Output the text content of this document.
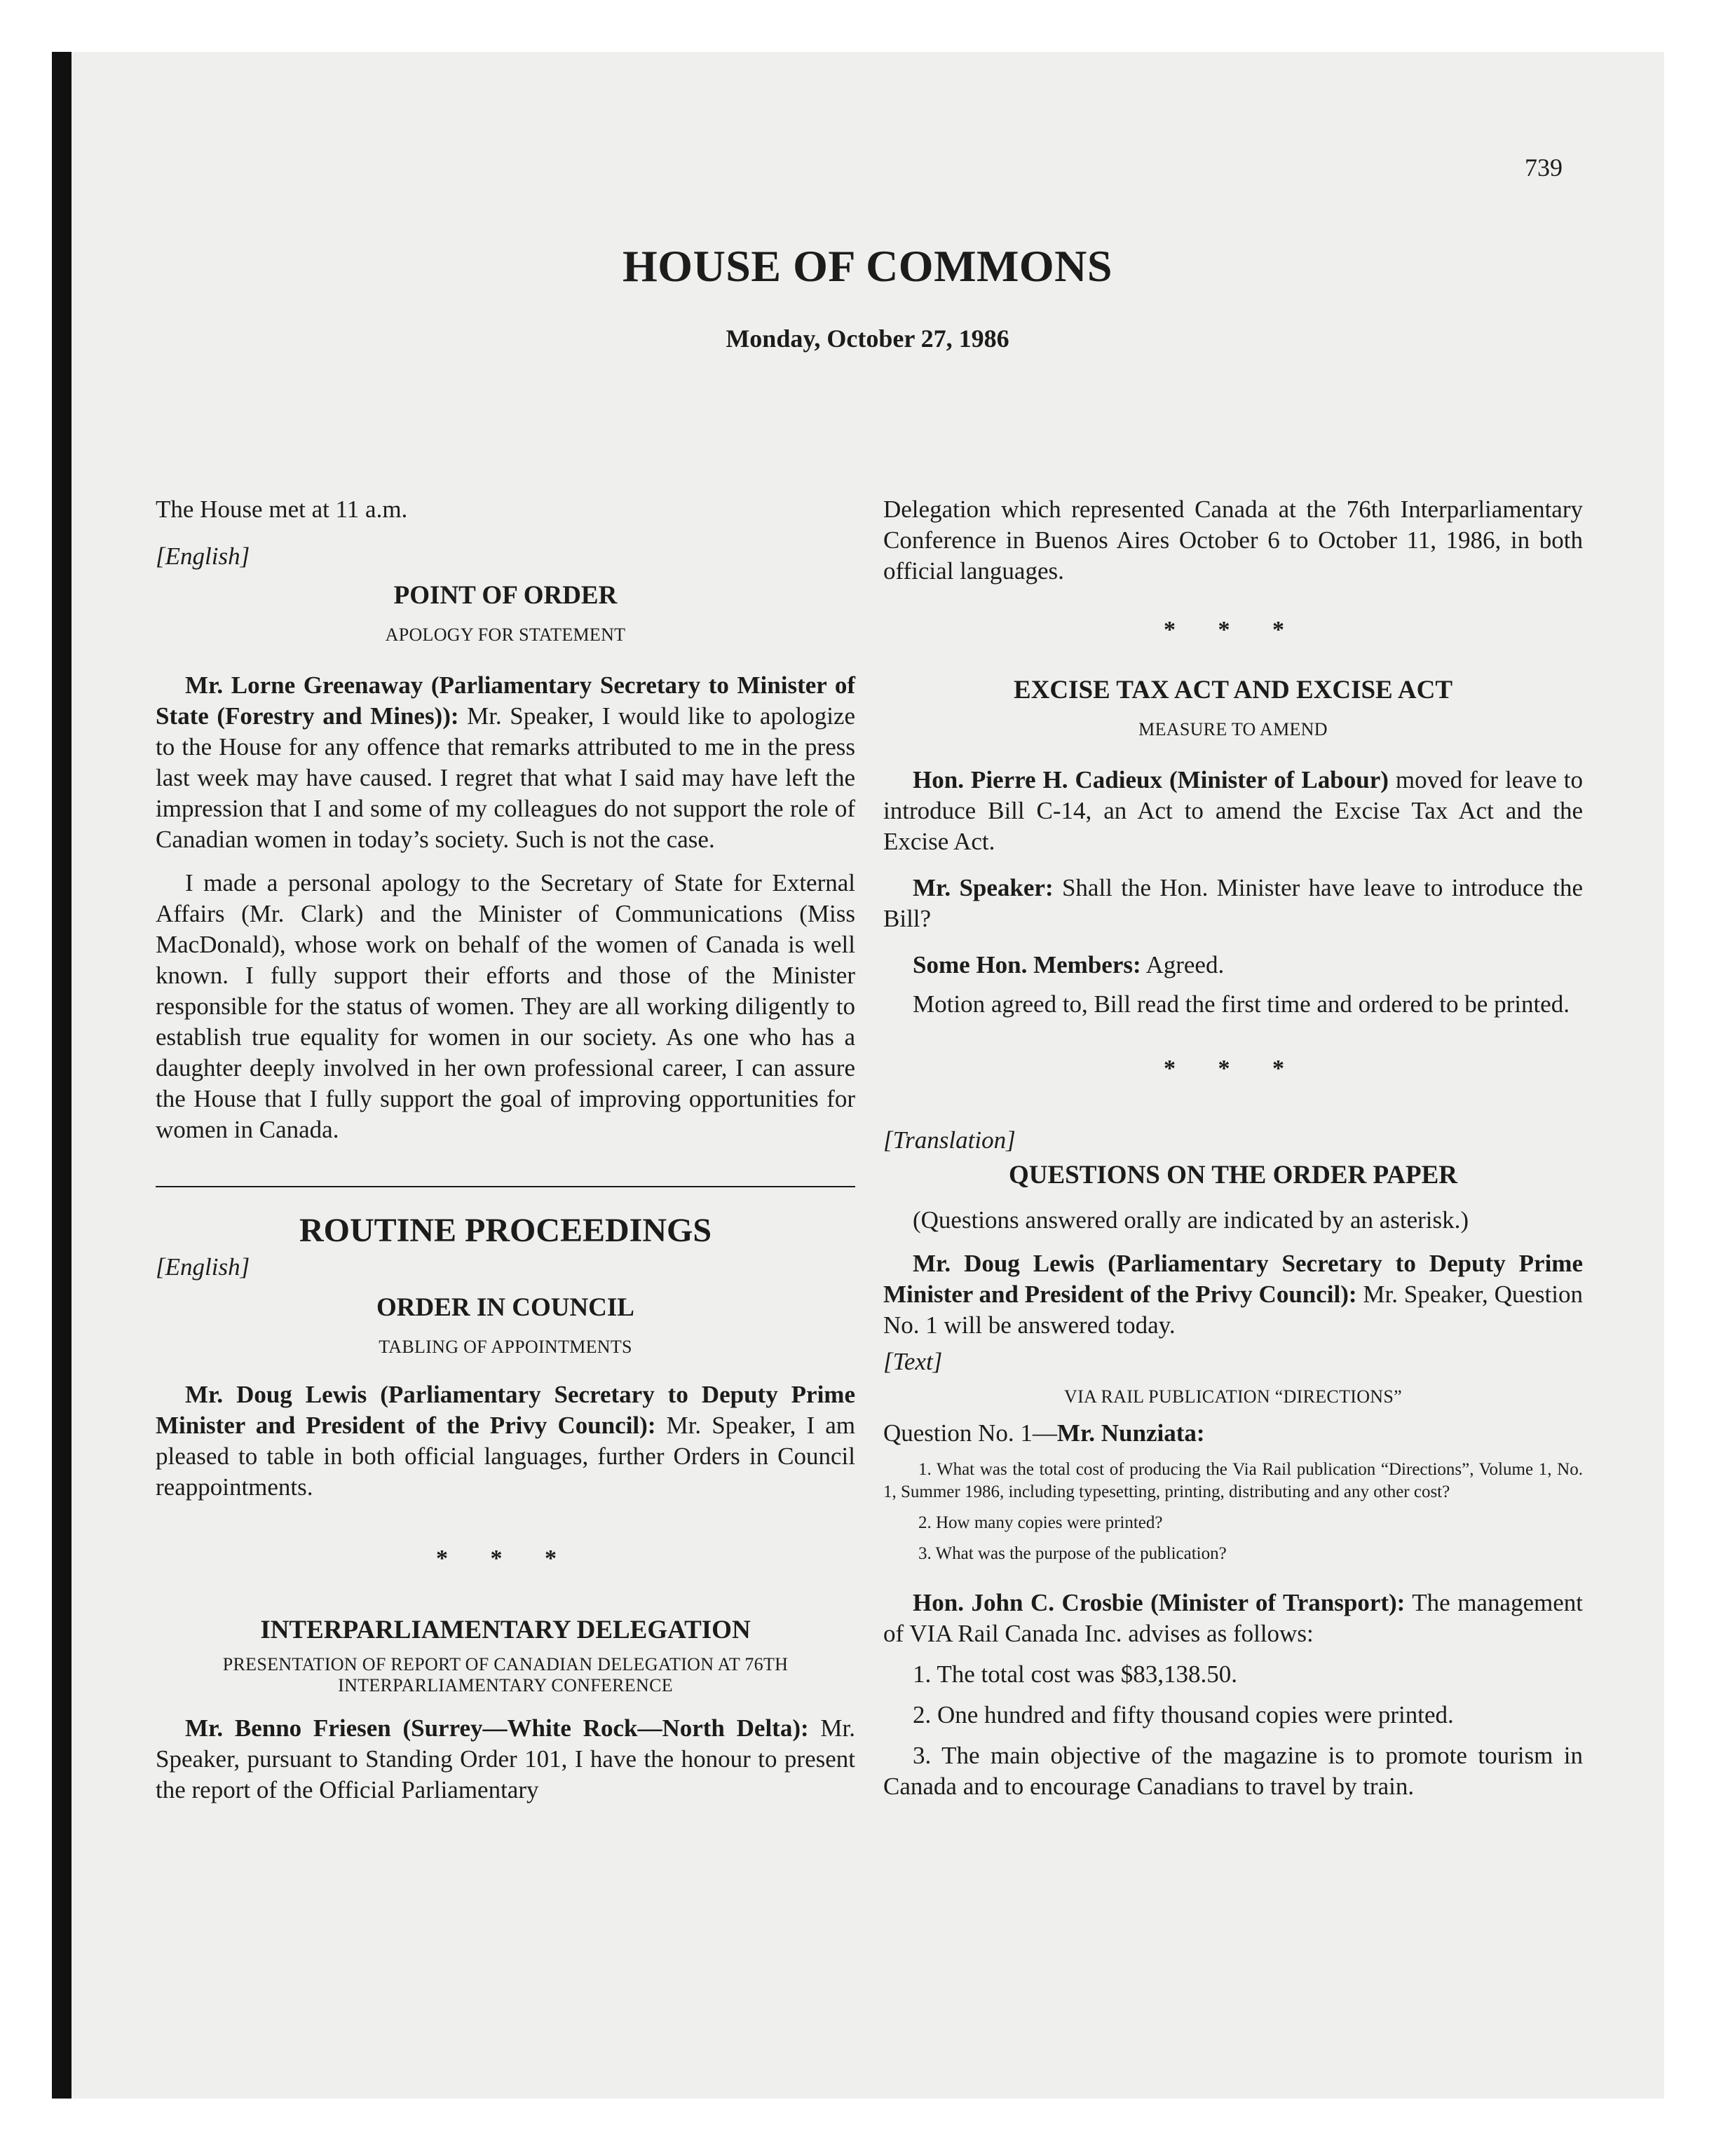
739
HOUSE OF COMMONS
Monday, October 27, 1986

The House met at 11 a.m.

[English]

POINT OF ORDER

APOLOGY FOR STATEMENT

Mr. Lorne Greenaway (Parliamentary Secretary to Minister of State (Forestry and Mines)): Mr. Speaker, I would like to apologize to the House for any offence that remarks attributed to me in the press last week may have caused. I regret that what I said may have left the impression that I and some of my colleagues do not support the role of Canadian women in today’s society. Such is not the case.

I made a personal apology to the Secretary of State for External Affairs (Mr. Clark) and the Minister of Communications (Miss MacDonald), whose work on behalf of the women of Canada is well known. I fully support their efforts and those of the Minister responsible for the status of women. They are all working diligently to establish true equality for women in our society. As one who has a daughter deeply involved in her own professional career, I can assure the House that I fully support the goal of improving opportunities for women in Canada.

ROUTINE PROCEEDINGS

[English]

ORDER IN COUNCIL

TABLING OF APPOINTMENTS

Mr. Doug Lewis (Parliamentary Secretary to Deputy Prime Minister and President of the Privy Council): Mr. Speaker, I am pleased to table in both official languages, further Orders in Council reappointments.

* * *

INTERPARLIAMENTARY DELEGATION

PRESENTATION OF REPORT OF CANADIAN DELEGATION AT 76TH INTERPARLIAMENTARY CONFERENCE

Mr. Benno Friesen (Surrey—White Rock—North Delta): Mr. Speaker, pursuant to Standing Order 101, I have the honour to present the report of the Official Parliamentary

Delegation which represented Canada at the 76th Interparliamentary Conference in Buenos Aires October 6 to October 11, 1986, in both official languages.

* * *

EXCISE TAX ACT AND EXCISE ACT

MEASURE TO AMEND

Hon. Pierre H. Cadieux (Minister of Labour) moved for leave to introduce Bill C-14, an Act to amend the Excise Tax Act and the Excise Act.

Mr. Speaker: Shall the Hon. Minister have leave to introduce the Bill?

Some Hon. Members: Agreed.

Motion agreed to, Bill read the first time and ordered to be printed.

* * *

[Translation]

QUESTIONS ON THE ORDER PAPER

(Questions answered orally are indicated by an asterisk.)

Mr. Doug Lewis (Parliamentary Secretary to Deputy Prime Minister and President of the Privy Council): Mr. Speaker, Question No. 1 will be answered today.

[Text]

VIA RAIL PUBLICATION “DIRECTIONS”

Question No. 1—Mr. Nunziata:

1. What was the total cost of producing the Via Rail publication “Directions”, Volume 1, No. 1, Summer 1986, including typesetting, printing, distributing and any other cost?

2. How many copies were printed?

3. What was the purpose of the publication?

Hon. John C. Crosbie (Minister of Transport): The management of VIA Rail Canada Inc. advises as follows:

1. The total cost was $83,138.50.

2. One hundred and fifty thousand copies were printed.

3. The main objective of the magazine is to promote tourism in Canada and to encourage Canadians to travel by train.
